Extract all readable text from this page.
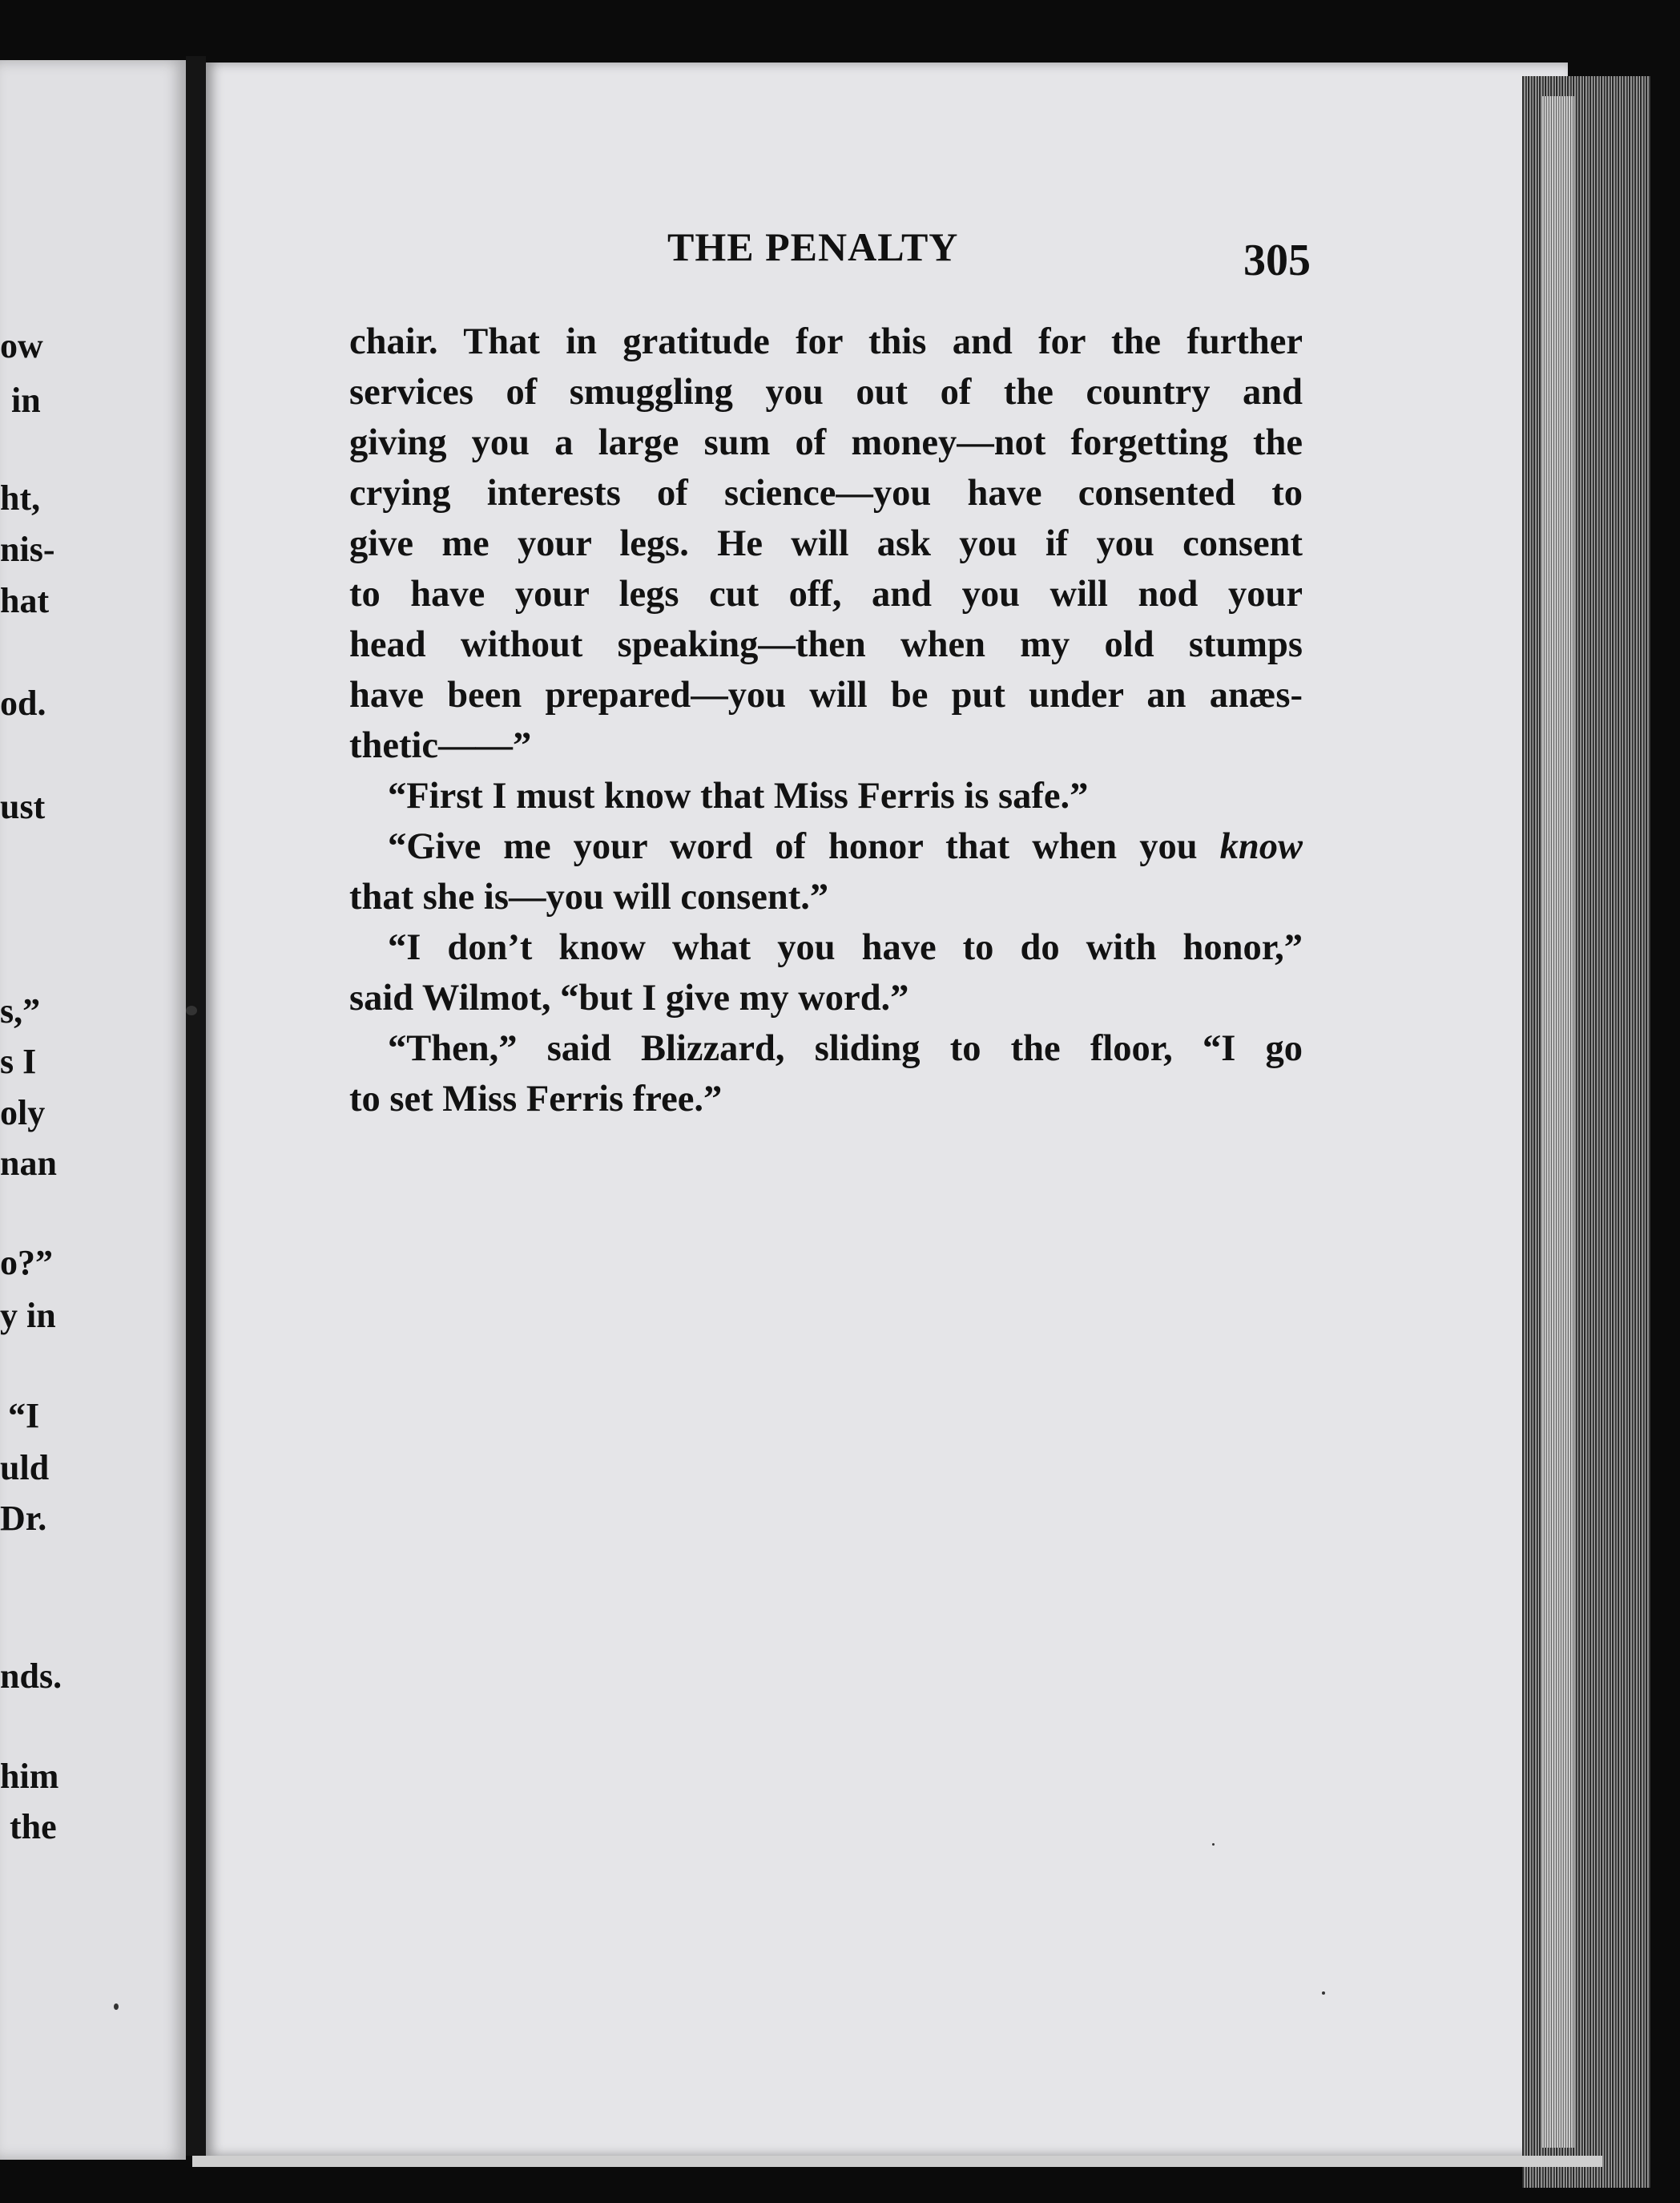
ow
in
ht,
nis-
hat
od.
ust
s,”
s I
oly
nan
o?”
y in
“I
uld
Dr.
nds.
him
the
THE PENALTY	305
chair. That in gratitude for this and for the further
services of smuggling you out of the country and
giving you a large sum of money—not forgetting the
crying interests of science—you have consented to
give me your legs. He will ask you if you consent
to have your legs cut off, and you will nod your
head without speaking—then when my old stumps
have been prepared—you will be put under an anæs-
thetic——”
“First I must know that Miss Ferris is safe.”
“Give me your word of honor that when you know
that she is—you will consent.”
“I don’t know what you have to do with honor,”
said Wilmot, “but I give my word.”
“Then,” said Blizzard, sliding to the floor, “I go
to set Miss Ferris free.”
